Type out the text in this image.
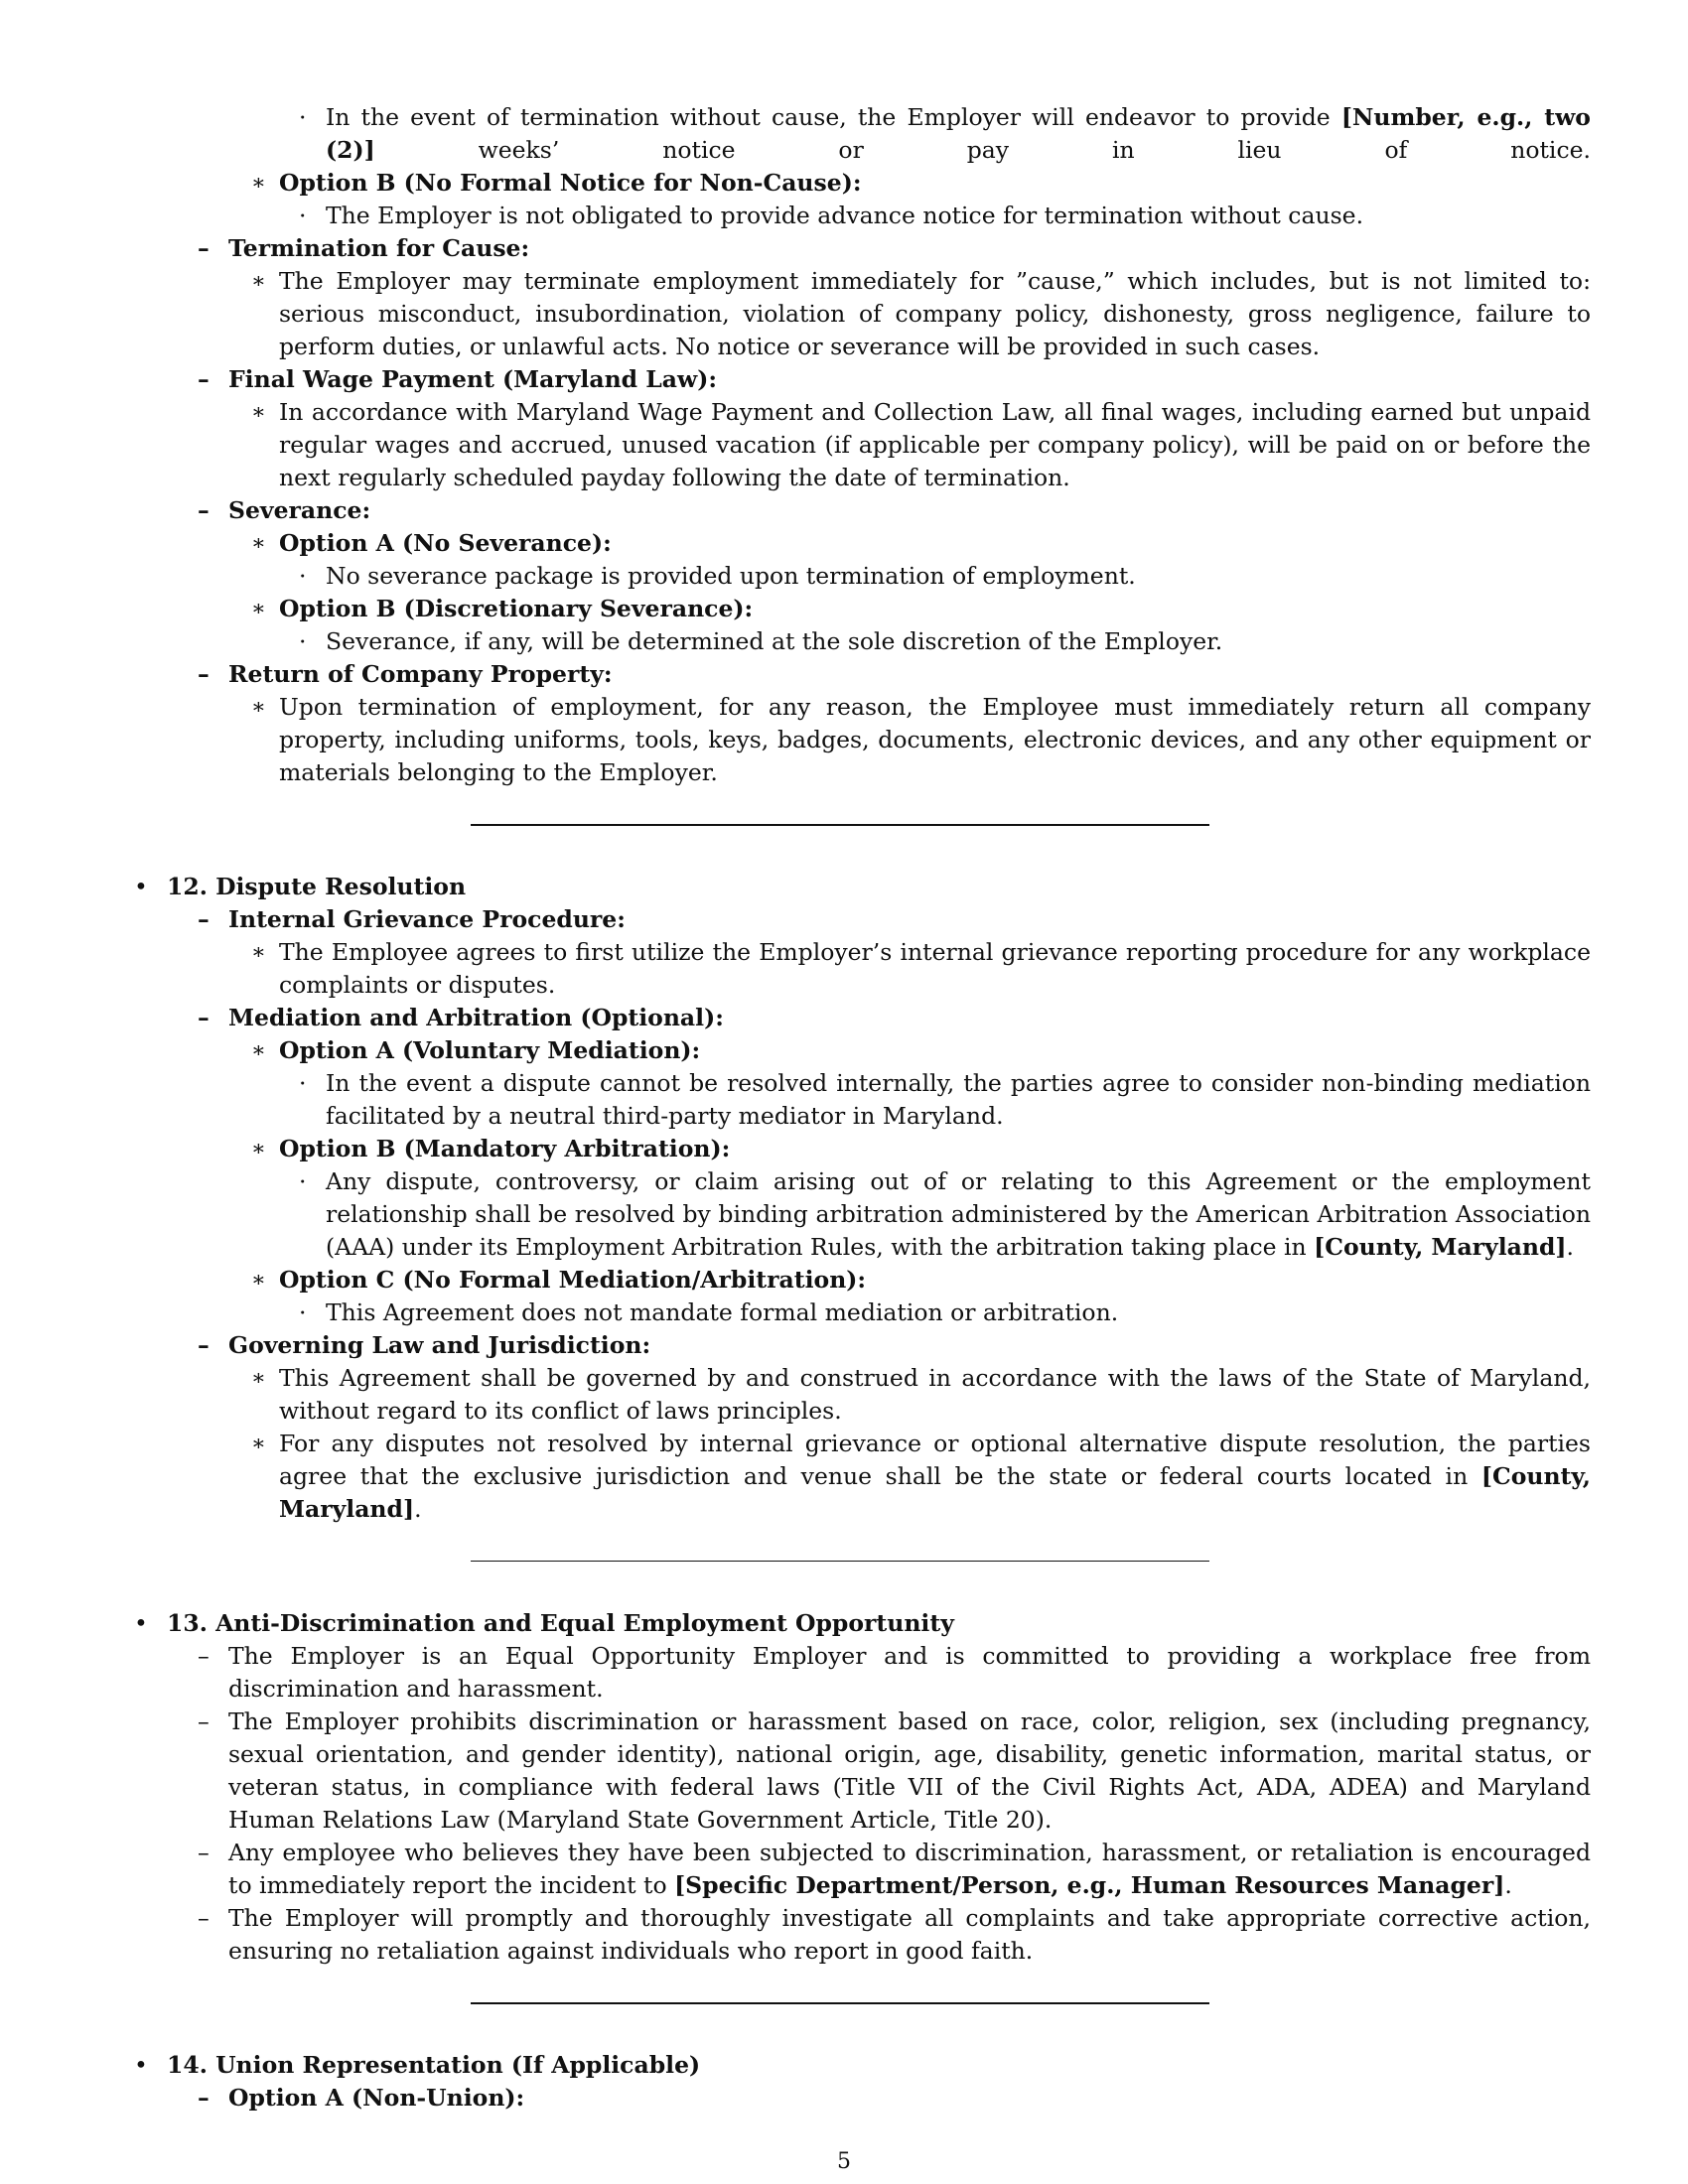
· In the event of termination without cause, the Employer will endeavor to provide [Number, e.g., two (2)] weeks’ notice or pay in lieu of notice.
∗ Option B (No Formal Notice for Non-Cause):
· The Employer is not obligated to provide advance notice for termination without cause.
– Termination for Cause:
∗ The Employer may terminate employment immediately for ”cause,” which includes, but is not limited to: serious misconduct, insubordination, violation of company policy, dishonesty, gross negligence, failure to perform duties, or unlawful acts. No notice or severance will be provided in such cases.
– Final Wage Payment (Maryland Law):
∗ In accordance with Maryland Wage Payment and Collection Law, all final wages, including earned but unpaid regular wages and accrued, unused vacation (if applicable per company policy), will be paid on or before the next regularly scheduled payday following the date of termination.
– Severance:
∗ Option A (No Severance):
· No severance package is provided upon termination of employment.
∗ Option B (Discretionary Severance):
· Severance, if any, will be determined at the sole discretion of the Employer.
– Return of Company Property:
∗ Upon termination of employment, for any reason, the Employee must immediately return all company property, including uniforms, tools, keys, badges, documents, electronic devices, and any other equipment or materials belonging to the Employer.
• 12. Dispute Resolution
– Internal Grievance Procedure:
∗ The Employee agrees to first utilize the Employer’s internal grievance reporting procedure for any workplace complaints or disputes.
– Mediation and Arbitration (Optional):
∗ Option A (Voluntary Mediation):
· In the event a dispute cannot be resolved internally, the parties agree to consider non-binding mediation facilitated by a neutral third-party mediator in Maryland.
∗ Option B (Mandatory Arbitration):
· Any dispute, controversy, or claim arising out of or relating to this Agreement or the employment relationship shall be resolved by binding arbitration administered by the American Arbitration Association (AAA) under its Employment Arbitration Rules, with the arbitration taking place in [County, Maryland].
∗ Option C (No Formal Mediation/Arbitration):
· This Agreement does not mandate formal mediation or arbitration.
– Governing Law and Jurisdiction:
∗ This Agreement shall be governed by and construed in accordance with the laws of the State of Maryland, without regard to its conflict of laws principles.
∗ For any disputes not resolved by internal grievance or optional alternative dispute resolution, the parties agree that the exclusive jurisdiction and venue shall be the state or federal courts located in [County, Maryland].
• 13. Anti-Discrimination and Equal Employment Opportunity
– The Employer is an Equal Opportunity Employer and is committed to providing a workplace free from discrimination and harassment.
– The Employer prohibits discrimination or harassment based on race, color, religion, sex (including pregnancy, sexual orientation, and gender identity), national origin, age, disability, genetic information, marital status, or veteran status, in compliance with federal laws (Title VII of the Civil Rights Act, ADA, ADEA) and Maryland Human Relations Law (Maryland State Government Article, Title 20).
– Any employee who believes they have been subjected to discrimination, harassment, or retaliation is encouraged to immediately report the incident to [Specific Department/Person, e.g., Human Resources Manager].
– The Employer will promptly and thoroughly investigate all complaints and take appropriate corrective action, ensuring no retaliation against individuals who report in good faith.
• 14. Union Representation (If Applicable)
– Option A (Non-Union):
5
